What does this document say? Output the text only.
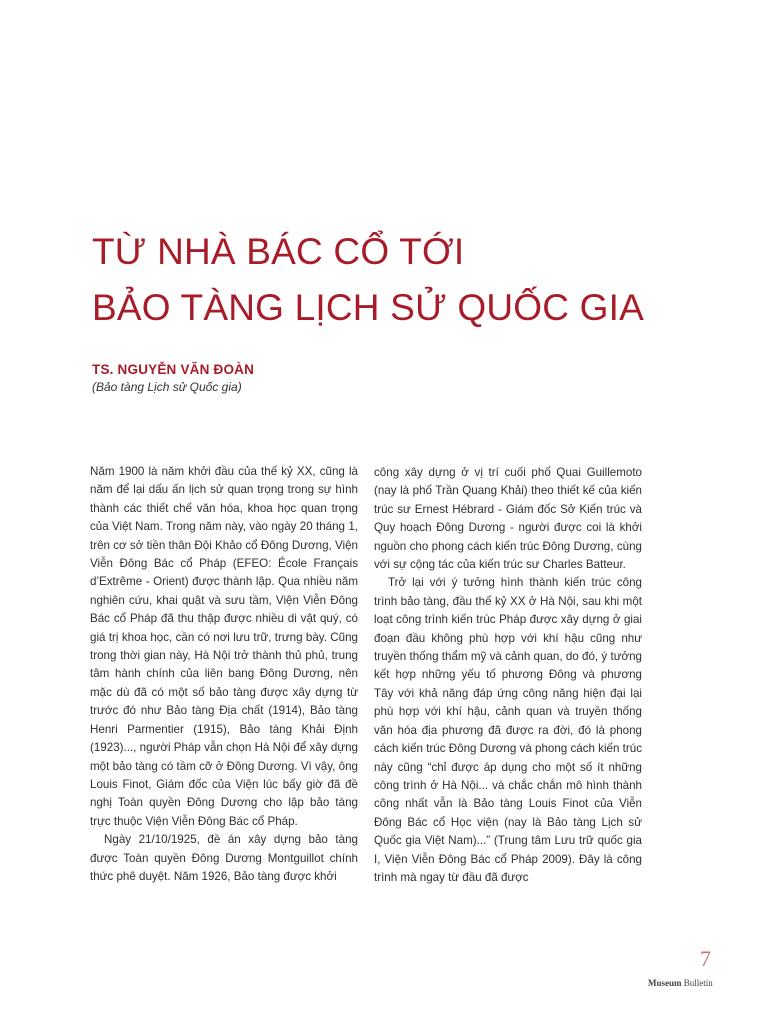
TỪ NHÀ BÁC CỔ TỚI
BẢO TÀNG LỊCH SỬ QUỐC GIA
TS. NGUYỄN VĂN ĐOÀN
(Bảo tàng Lịch sử Quốc gia)

Năm 1900 là năm khởi đầu của thế kỷ XX, cũng là năm để lại dấu ấn lịch sử quan trọng trong sự hình thành các thiết chế văn hóa, khoa học quan trọng của Việt Nam. Trong năm này, vào ngày 20 tháng 1, trên cơ sở tiền thân Đội Khảo cổ Đông Dương, Viện Viễn Đông Bác cổ Pháp (EFEO: École Français d’Extrême - Orient) được thành lập. Qua nhiều năm nghiên cứu, khai quật và sưu tầm, Viện Viễn Đông Bác cổ Pháp đã thu thập được nhiều di vật quý, có giá trị khoa học, cần có nơi lưu trữ, trưng bày. Cũng trong thời gian này, Hà Nội trở thành thủ phủ, trung tâm hành chính của liên bang Đông Dương, nên mặc dù đã có một số bảo tàng được xây dựng từ trước đó như Bảo tàng Địa chất (1914), Bảo tàng Henri Parmentier (1915), Bảo tàng Khải Định (1923)..., người Pháp vẫn chọn Hà Nội để xây dựng một bảo tàng có tầm cỡ ở Đông Dương. Vì vậy, ông Louis Finot, Giám đốc của Viện lúc bấy giờ đã đề nghị Toàn quyền Đông Dương cho lập bảo tàng trực thuộc Viện Viễn Đông Bác cổ Pháp.

Ngày 21/10/1925, đề án xây dựng bảo tàng được Toàn quyền Đông Dương Montguillot chính thức phê duyệt. Năm 1926, Bảo tàng được khởi

công xây dựng ở vị trí cuối phố Quai Guillemoto (nay là phố Trần Quang Khải) theo thiết kế của kiến trúc sư Ernest Hébrard - Giám đốc Sở Kiến trúc và Quy hoạch Đông Dương - người được coi là khởi nguồn cho phong cách kiến trúc Đông Dương, cùng với sự cộng tác của kiến trúc sư Charles Batteur.

Trở lại với ý tưởng hình thành kiến trúc công trình bảo tàng, đầu thế kỷ XX ở Hà Nội, sau khi một loạt công trình kiến trúc Pháp được xây dựng ở giai đoạn đầu không phù hợp với khí hậu cũng như truyền thống thẩm mỹ và cảnh quan, do đó, ý tưởng kết hợp những yếu tố phương Đông và phương Tây với khả năng đáp ứng công năng hiện đại lại phù hợp với khí hậu, cảnh quan và truyền thống văn hóa địa phương đã được ra đời, đó là phong cách kiến trúc Đông Dương và phong cách kiến trúc này cũng “chỉ được áp dụng cho một số ít những công trình ở Hà Nội... và chắc chắn mô hình thành công nhất vẫn là Bảo tàng Louis Finot của Viễn Đông Bác cổ Học viện (nay là Bảo tàng Lịch sử Quốc gia Việt Nam)...” (Trung tâm Lưu trữ quốc gia I, Viện Viễn Đông Bác cổ Pháp 2009). Đây là công trình mà ngay từ đầu đã được

7
Museum Bulletin
